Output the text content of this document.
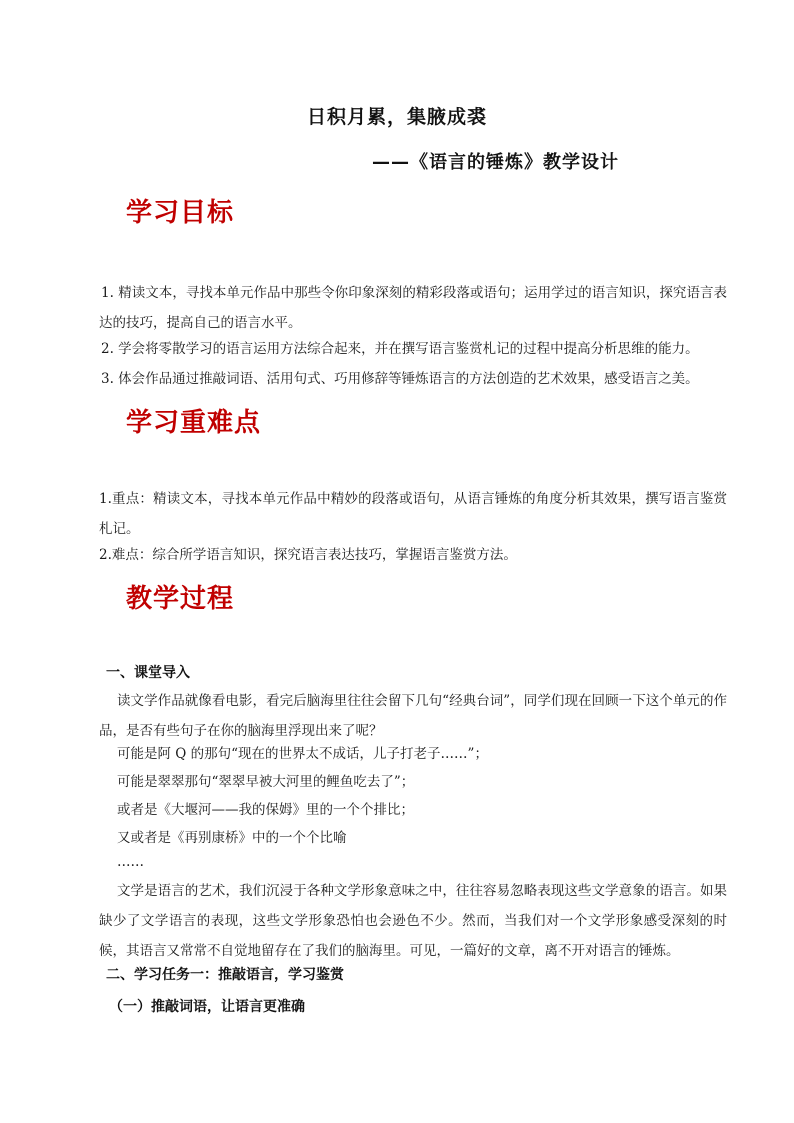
日积月累，集腋成裘
——《语言的锤炼》教学设计
学习目标
1. 精读文本，寻找本单元作品中那些令你印象深刻的精彩段落或语句；运用学过的语言知识，探究语言表达的技巧，提高自己的语言水平。
2. 学会将零散学习的语言运用方法综合起来，并在撰写语言鉴赏札记的过程中提高分析思维的能力。
3. 体会作品通过推敲词语、活用句式、巧用修辞等锤炼语言的方法创造的艺术效果，感受语言之美。
学习重难点
1.重点：精读文本，寻找本单元作品中精妙的段落或语句，从语言锤炼的角度分析其效果，撰写语言鉴赏札记。
2.难点：综合所学语言知识，探究语言表达技巧，掌握语言鉴赏方法。
教学过程
一、课堂导入
读文学作品就像看电影，看完后脑海里往往会留下几句“经典台词”，同学们现在回顾一下这个单元的作品，是否有些句子在你的脑海里浮现出来了呢？
可能是阿 Q 的那句“现在的世界太不成话，儿子打老子……”；
可能是翠翠那句“翠翠早被大河里的鲤鱼吃去了”；
或者是《大堰河——我的保姆》里的一个个排比；
又或者是《再别康桥》中的一个个比喻
……
文学是语言的艺术，我们沉浸于各种文学形象意味之中，往往容易忽略表现这些文学意象的语言。如果缺少了文学语言的表现，这些文学形象恐怕也会逊色不少。然而，当我们对一个文学形象感受深刻的时候，其语言又常常不自觉地留存在了我们的脑海里。可见，一篇好的文章，离不开对语言的锤炼。
二、学习任务一：推敲语言，学习鉴赏
（一）推敲词语，让语言更准确
